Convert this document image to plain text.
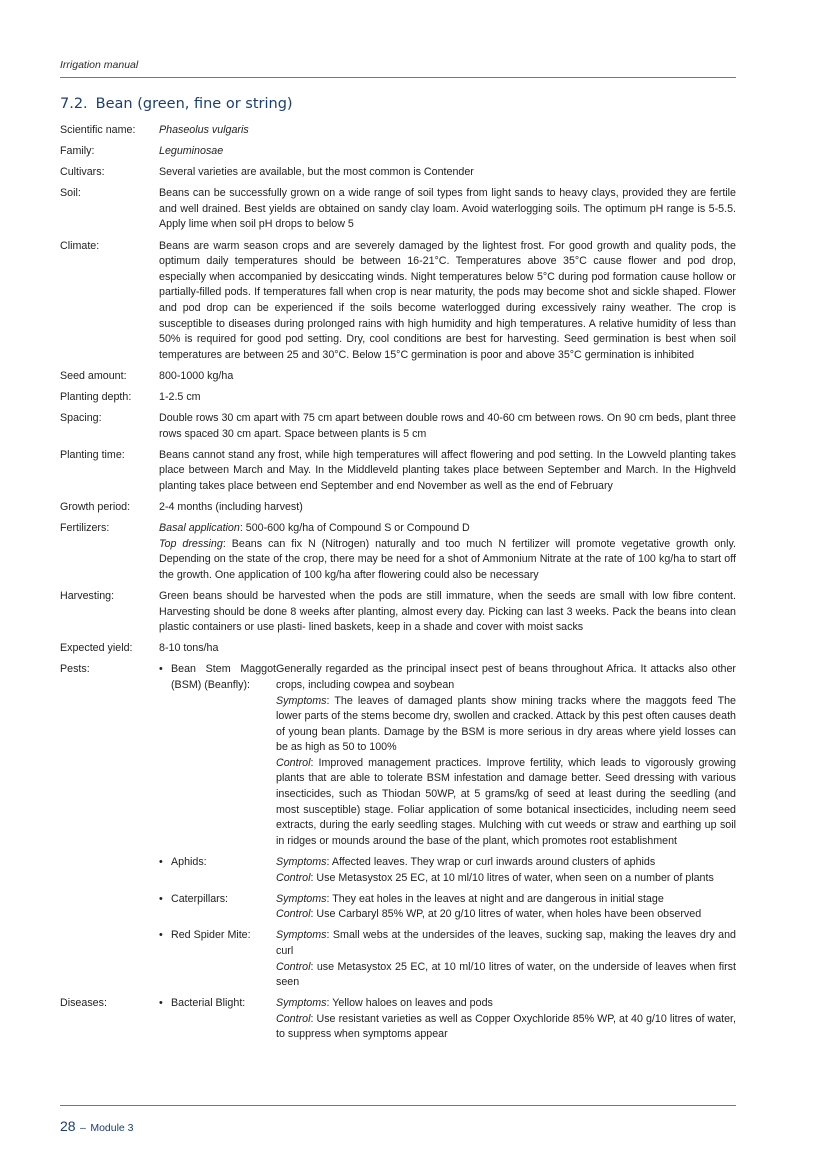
Irrigation manual
7.2. Bean (green, fine or string)
Scientific name:	Phaseolus vulgaris
Family:	Leguminosae
Cultivars:	Several varieties are available, but the most common is Contender
Soil:	Beans can be successfully grown on a wide range of soil types from light sands to heavy clays, provided they are fertile and well drained. Best yields are obtained on sandy clay loam. Avoid waterlogging soils. The optimum pH range is 5-5.5. Apply lime when soil pH drops to below 5
Climate:	Beans are warm season crops and are severely damaged by the lightest frost. For good growth and quality pods, the optimum daily temperatures should be between 16-21°C. Temperatures above 35°C cause flower and pod drop, especially when accompanied by desiccating winds. Night temperatures below 5°C during pod formation cause hollow or partially-filled pods. If temperatures fall when crop is near maturity, the pods may become shot and sickle shaped. Flower and pod drop can be experienced if the soils become waterlogged during excessively rainy weather. The crop is susceptible to diseases during prolonged rains with high humidity and high temperatures. A relative humidity of less than 50% is required for good pod setting. Dry, cool conditions are best for harvesting. Seed germination is best when soil temperatures are between 25 and 30°C. Below 15°C germination is poor and above 35°C germination is inhibited
Seed amount:	800-1000 kg/ha
Planting depth:	1-2.5 cm
Spacing:	Double rows 30 cm apart with 75 cm apart between double rows and 40-60 cm between rows. On 90 cm beds, plant three rows spaced 30 cm apart. Space between plants is 5 cm
Planting time:	Beans cannot stand any frost, while high temperatures will affect flowering and pod setting. In the Lowveld planting takes place between March and May. In the Middleveld planting takes place between September and March. In the Highveld planting takes place between end September and end November as well as the end of February
Growth period:	2-4 months (including harvest)
Fertilizers:	Basal application: 500-600 kg/ha of Compound S or Compound D
Top dressing: Beans can fix N (Nitrogen) naturally and too much N fertilizer will promote vegetative growth only. Depending on the state of the crop, there may be need for a shot of Ammonium Nitrate at the rate of 100 kg/ha to start off the growth. One application of 100 kg/ha after flowering could also be necessary
Harvesting:	Green beans should be harvested when the pods are still immature, when the seeds are small with low fibre content. Harvesting should be done 8 weeks after planting, almost every day. Picking can last 3 weeks. Pack the beans into clean plastic containers or use plasti- lined baskets, keep in a shade and cover with moist sacks
Expected yield:	8-10 tons/ha
Pests:	• Bean Stem Maggot (BSM) (Beanfly):
Generally regarded as the principal insect pest of beans throughout Africa. It attacks also other crops, including cowpea and soybean
Symptoms: The leaves of damaged plants show mining tracks where the maggots feed The lower parts of the stems become dry, swollen and cracked. Attack by this pest often causes death of young bean plants. Damage by the BSM is more serious in dry areas where yield losses can be as high as 50 to 100%
Control: Improved management practices. Improve fertility, which leads to vigorously growing plants that are able to tolerate BSM infestation and damage better. Seed dressing with various insecticides, such as Thiodan 50WP, at 5 grams/kg of seed at least during the seedling (and most susceptible) stage. Foliar application of some botanical insecticides, including neem seed extracts, during the early seedling stages. Mulching with cut weeds or straw and earthing up soil in ridges or mounds around the base of the plant, which promotes root establishment
• Aphids:	Symptoms: Affected leaves. They wrap or curl inwards around clusters of aphids
Control: Use Metasystox 25 EC, at 10 ml/10 litres of water, when seen on a number of plants
• Caterpillars:	Symptoms: They eat holes in the leaves at night and are dangerous in initial stage
Control: Use Carbaryl 85% WP, at 20 g/10 litres of water, when holes have been observed
• Red Spider Mite: Symptoms: Small webs at the undersides of the leaves, sucking sap, making the leaves dry and curl
Control: use Metasystox 25 EC, at 10 ml/10 litres of water, on the underside of leaves when first seen
Diseases:	• Bacterial Blight:	Symptoms: Yellow haloes on leaves and pods
Control: Use resistant varieties as well as Copper Oxychloride 85% WP, at 40 g/10 litres of water, to suppress when symptoms appear
28 – Module 3
